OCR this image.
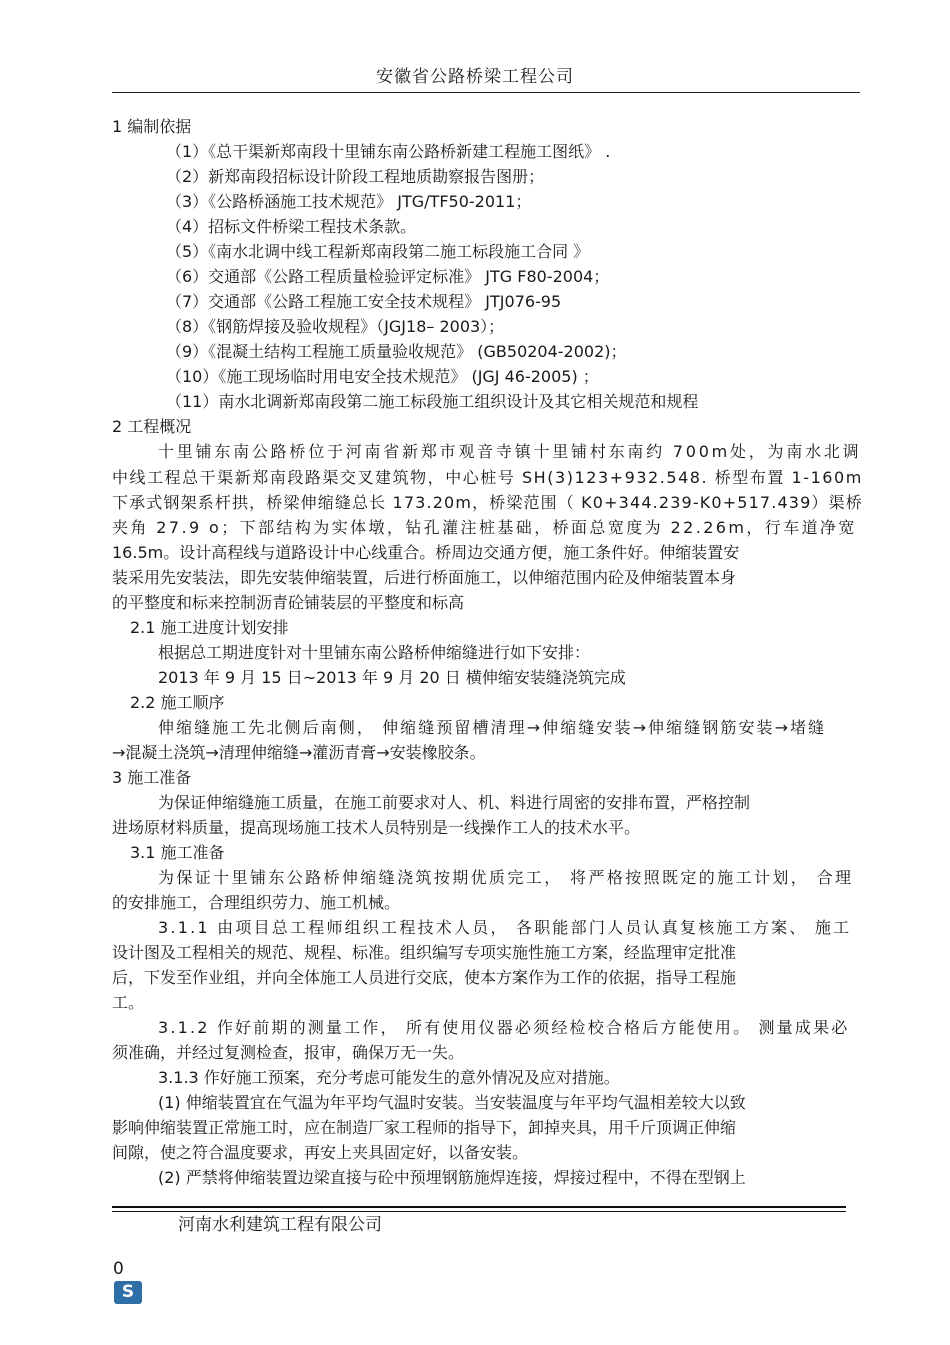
安徽省公路桥梁工程公司
1 编制依据
（1）《总干渠新郑南段十里铺东南公路桥新建工程施工图纸》 .
（2）新郑南段招标设计阶段工程地质勘察报告图册；
（3）《公路桥涵施工技术规范》 JTG/TF50-2011；
（4）招标文件桥梁工程技术条款。
（5）《南水北调中线工程新郑南段第二施工标段施工合同 》
（6）交通部《公路工程质量检验评定标准》 JTG F80-2004；
（7）交通部《公路工程施工安全技术规程》 JTJ076-95
（8）《钢筋焊接及验收规程》（JGJ18– 2003）；
（9）《混凝土结构工程施工质量验收规范》 (GB50204-2002)；
（10）《施工现场临时用电安全技术规范》 (JGJ 46-2005) ；
（11）南水北调新郑南段第二施工标段施工组织设计及其它相关规范和规程
2 工程概况
十里铺东南公路桥位于河南省新郑市观音寺镇十里铺村东南约 700m处，为南水北调
中线工程总干渠新郑南段路渠交叉建筑物，中心桩号 SH(3)123+932.548. 桥型布置 1-160m
下承式钢架系杆拱，桥梁伸缩缝总长 173.20m，桥梁范围（ K0+344.239-K0+517.439）渠桥
夹角 27.9 o；下部结构为实体墩，钻孔灌注桩基础，桥面总宽度为 22.26m，行车道净宽
16.5m。设计高程线与道路设计中心线重合。桥周边交通方便，施工条件好。伸缩装置安
装采用先安装法，即先安装伸缩装置，后进行桥面施工，以伸缩范围内砼及伸缩装置本身
的平整度和标来控制沥青砼铺装层的平整度和标高
2.1 施工进度计划安排
根据总工期进度针对十里铺东南公路桥伸缩缝进行如下安排：
2013 年 9 月 15 日~2013 年 9 月 20 日 横伸缩安装缝浇筑完成
2.2 施工顺序
伸缩缝施工先北侧后南侧， 伸缩缝预留槽清理→伸缩缝安装→伸缩缝钢筋安装→堵缝
→混凝土浇筑→清理伸缩缝→灌沥青膏→安装橡胶条。
3 施工准备
为保证伸缩缝施工质量，在施工前要求对人、机、料进行周密的安排布置，严格控制
进场原材料质量，提高现场施工技术人员特别是一线操作工人的技术水平。
3.1 施工准备
为保证十里铺东公路桥伸缩缝浇筑按期优质完工， 将严格按照既定的施工计划， 合理
的安排施工，合理组织劳力、施工机械。
3.1.1 由项目总工程师组织工程技术人员， 各职能部门人员认真复核施工方案、 施工
设计图及工程相关的规范、规程、标准。组织编写专项实施性施工方案，经监理审定批准
后，下发至作业组，并向全体施工人员进行交底，使本方案作为工作的依据，指导工程施
工。
3.1.2 作好前期的测量工作， 所有使用仪器必须经检校合格后方能使用。 测量成果必
须准确，并经过复测检查，报审，确保万无一失。
3.1.3 作好施工预案，充分考虑可能发生的意外情况及应对措施。
(1) 伸缩装置宜在气温为年平均气温时安装。当安装温度与年平均气温相差较大以致
影响伸缩装置正常施工时，应在制造厂家工程师的指导下，卸掉夹具，用千斤顶调正伸缩
间隙，使之符合温度要求，再安上夹具固定好，以备安装。
(2) 严禁将伸缩装置边梁直接与砼中预埋钢筋施焊连接，焊接过程中，不得在型钢上
河南水利建筑工程有限公司
0
S
